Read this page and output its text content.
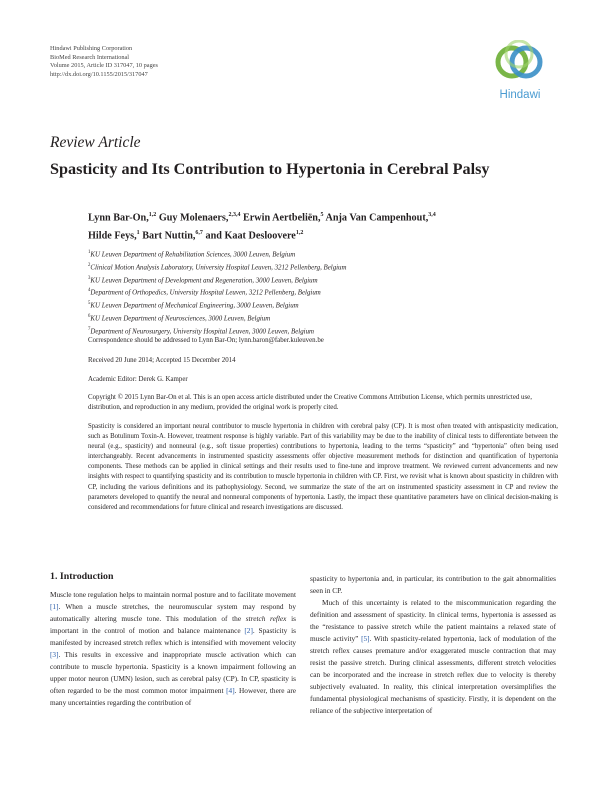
Hindawi Publishing Corporation
BioMed Research International
Volume 2015, Article ID 317047, 10 pages
http://dx.doi.org/10.1155/2015/317047
Hindawi
Review Article
Spasticity and Its Contribution to Hypertonia in Cerebral Palsy
Lynn Bar-On,$^{1,2}$ Guy Molenaers,$^{2,3,4}$ Erwin Aertbeliën,$^5$ Anja Van Campenhout,$^{3,4}$
Hilde Feys,$^1$ Bart Nuttin,$^{6,7}$ and Kaat Desloovere$^{1,2}$
$^1$KU Leuven Department of Rehabilitation Sciences, 3000 Leuven, Belgium
$^2$Clinical Motion Analysis Laboratory, University Hospital Leuven, 3212 Pellenberg, Belgium
$^3$KU Leuven Department of Development and Regeneration, 3000 Leuven, Belgium
$^4$Department of Orthopedics, University Hospital Leuven, 3212 Pellenberg, Belgium
$^5$KU Leuven Department of Mechanical Engineering, 3000 Leuven, Belgium
$^6$KU Leuven Department of Neurosciences, 3000 Leuven, Belgium
$^7$Department of Neurosurgery, University Hospital Leuven, 3000 Leuven, Belgium
Correspondence should be addressed to Lynn Bar-On; lynn.baron@faber.kuleuven.be
Received 20 June 2014; Accepted 15 December 2014
Academic Editor: Derek G. Kamper
Copyright © 2015 Lynn Bar-On et al. This is an open access article distributed under the Creative Commons Attribution License, which permits unrestricted use, distribution, and reproduction in any medium, provided the original work is properly cited.
Spasticity is considered an important neural contributor to muscle hypertonia in children with cerebral palsy (CP). It is most often treated with antispasticity medication, such as Botulinum Toxin-A. However, treatment response is highly variable. Part of this variability may be due to the inability of clinical tests to differentiate between the neural (e.g., spasticity) and nonneural (e.g., soft tissue properties) contributions to hypertonia, leading to the terms “spasticity” and “hypertonia” often being used interchangeably. Recent advancements in instrumented spasticity assessments offer objective measurement methods for distinction and quantification of hypertonia components. These methods can be applied in clinical settings and their results used to fine-tune and improve treatment. We reviewed current advancements and new insights with respect to quantifying spasticity and its contribution to muscle hypertonia in children with CP. First, we revisit what is known about spasticity in children with CP, including the various definitions and its pathophysiology. Second, we summarize the state of the art on instrumented spasticity assessment in CP and review the parameters developed to quantify the neural and nonneural components of hypertonia. Lastly, the impact these quantitative parameters have on clinical decision-making is considered and recommendations for future clinical and research investigations are discussed.
1. Introduction

Muscle tone regulation helps to maintain normal posture and to facilitate movement [1]. When a muscle stretches, the neuromuscular system may respond by automatically altering muscle tone. This modulation of the stretch reflex is important in the control of motion and balance maintenance [2]. Spasticity is manifested by increased stretch reflex which is intensified with movement velocity [3]. This results in excessive and inappropriate muscle activation which can contribute to muscle hypertonia. Spasticity is a known impairment following an upper motor neuron (UMN) lesion, such as cerebral palsy (CP). In CP, spasticity is often regarded to be the most common motor impairment [4]. However, there are many uncertainties regarding the contribution of

spasticity to hypertonia and, in particular, its contribution to the gait abnormalities seen in CP.

Much of this uncertainty is related to the miscommunication regarding the definition and assessment of spasticity. In clinical terms, hypertonia is assessed as the “resistance to passive stretch while the patient maintains a relaxed state of muscle activity” [5]. With spasticity-related hypertonia, lack of modulation of the stretch reflex causes premature and/or exaggerated muscle contraction that may resist the passive stretch. During clinical assessments, different stretch velocities can be incorporated and the increase in stretch reflex due to velocity is thereby subjectively evaluated. In reality, this clinical interpretation oversimplifies the fundamental physiological mechanisms of spasticity. Firstly, it is dependent on the reliance of the subjective interpretation of
